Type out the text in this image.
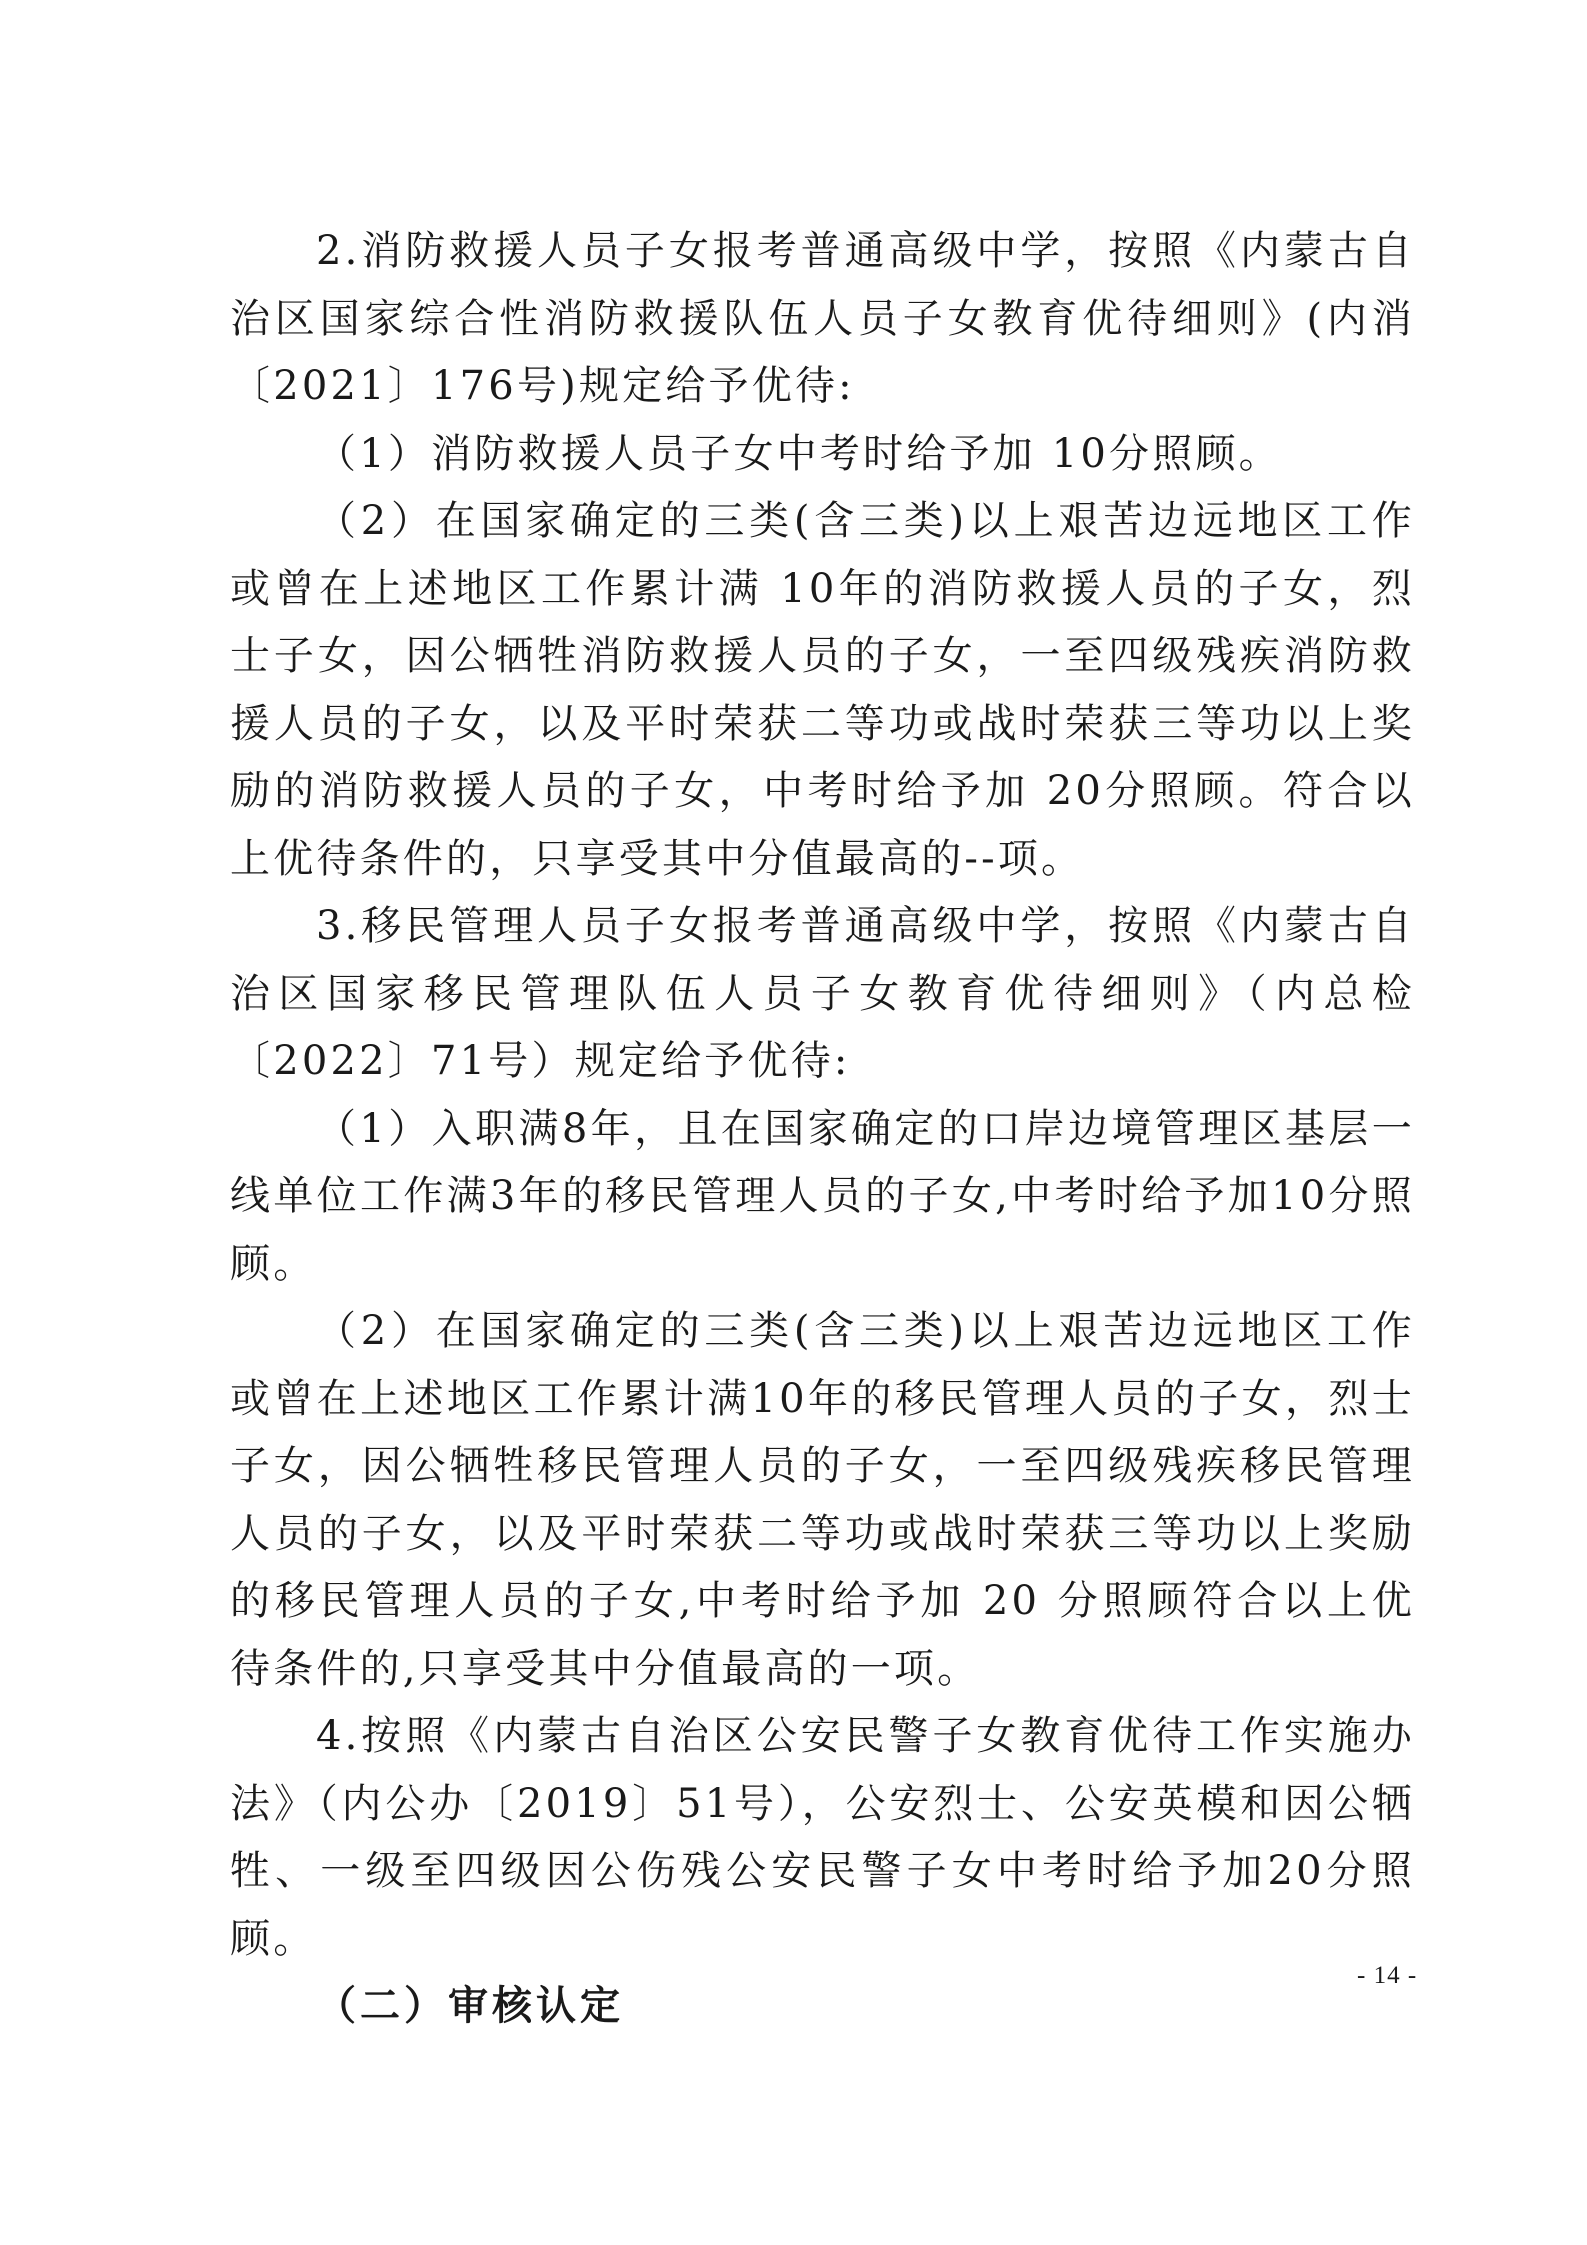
2.消防救援人员子女报考普通高级中学，按照《内蒙古自治区国家综合性消防救援队伍人员子女教育优待细则》(内消〔2021〕176号)规定给予优待:

（1）消防救援人员子女中考时给予加 10分照顾。

（2）在国家确定的三类(含三类)以上艰苦边远地区工作或曾在上述地区工作累计满 10年的消防救援人员的子女，烈士子女，因公牺牲消防救援人员的子女，一至四级残疾消防救援人员的子女，以及平时荣获二等功或战时荣获三等功以上奖励的消防救援人员的子女，中考时给予加 20分照顾。符合以上优待条件的，只享受其中分值最高的--项。

3.移民管理人员子女报考普通高级中学，按照《内蒙古自治区国家移民管理队伍人员子女教育优待细则》（内总检〔2022〕71号）规定给予优待:

（1）入职满8年，且在国家确定的口岸边境管理区基层一线单位工作满3年的移民管理人员的子女,中考时给予加10分照顾。

（2）在国家确定的三类(含三类)以上艰苦边远地区工作或曾在上述地区工作累计满10年的移民管理人员的子女，烈士子女，因公牺牲移民管理人员的子女，一至四级残疾移民管理人员的子女，以及平时荣获二等功或战时荣获三等功以上奖励的移民管理人员的子女,中考时给予加 20 分照顾符合以上优待条件的,只享受其中分值最高的一项。

4.按照《内蒙古自治区公安民警子女教育优待工作实施办法》（内公办〔2019〕51号），公安烈士、公安英模和因公牺牲、一级至四级因公伤残公安民警子女中考时给予加20分照顾。

（二）审核认定

- 14 -
